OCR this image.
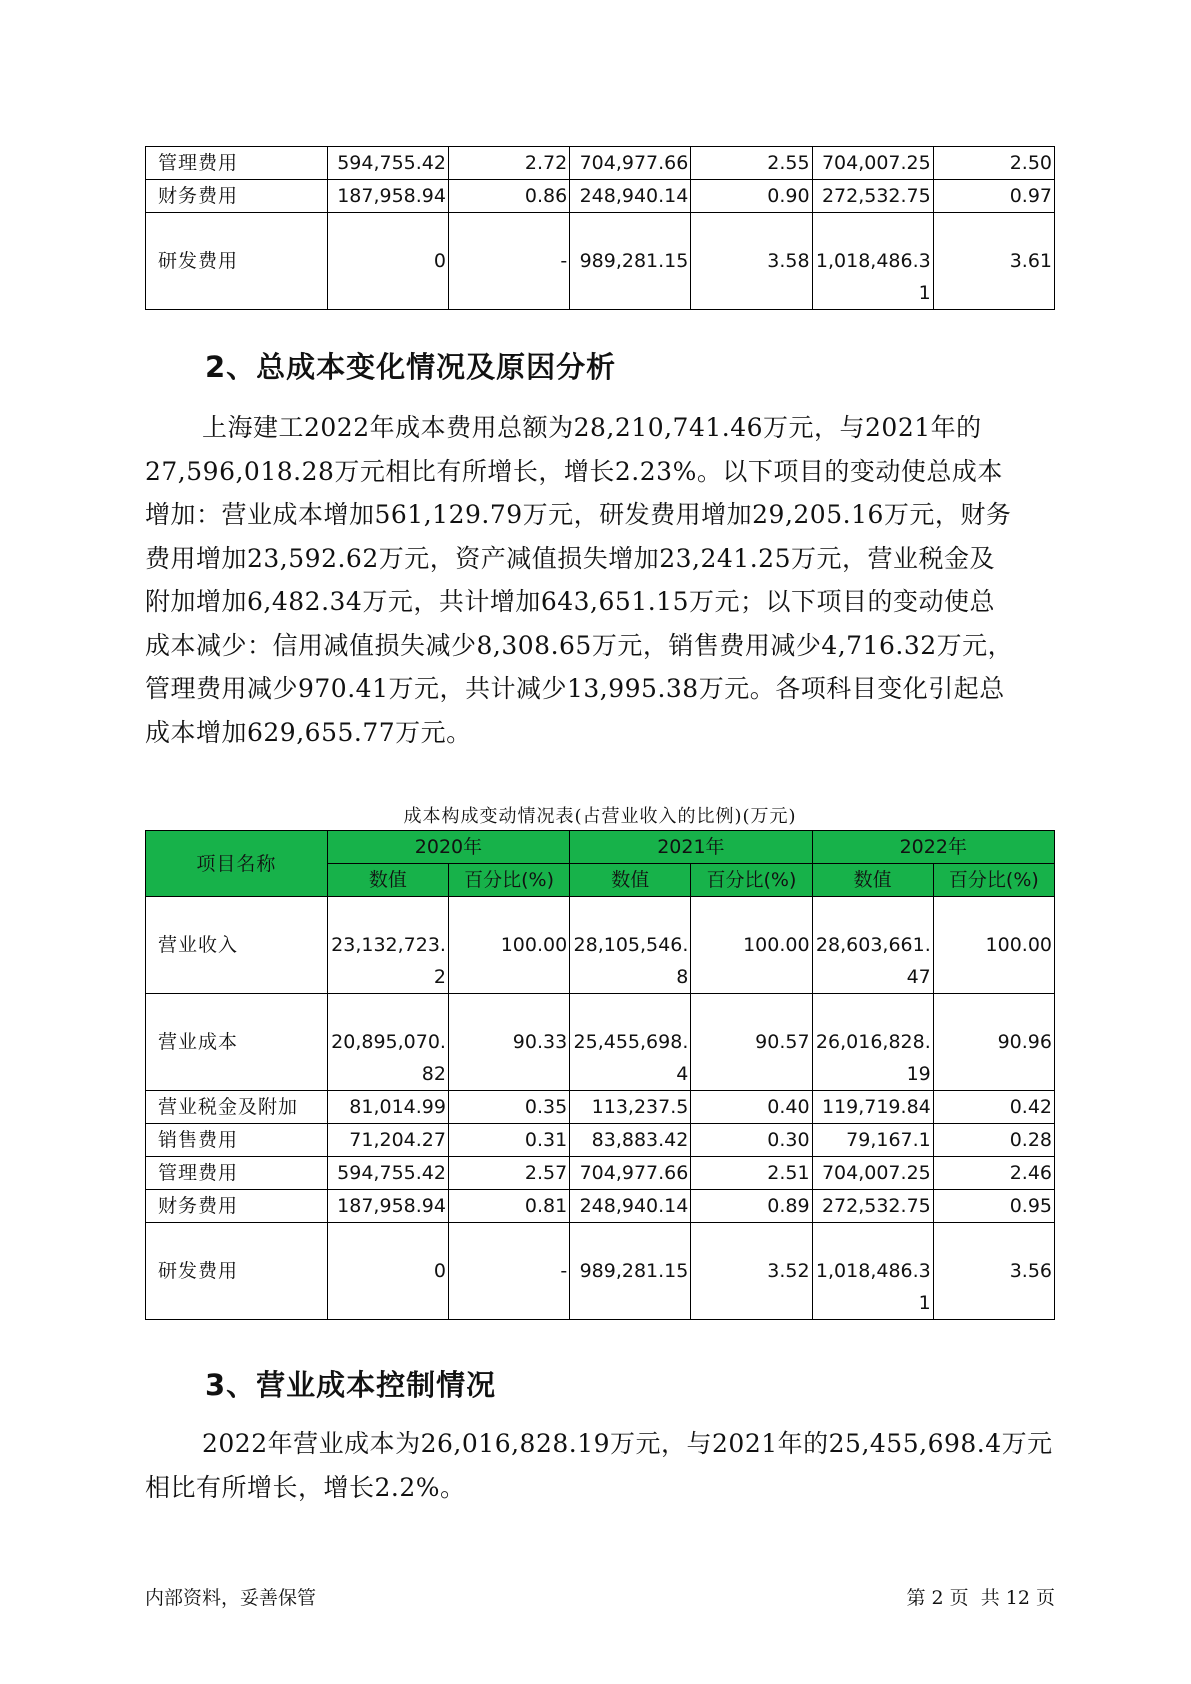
管理费用	594,755.42	2.72	704,977.66	2.55	704,007.25	2.50
财务费用	187,958.94	0.86	248,940.14	0.90	272,532.75	0.97
研发费用	0	-	989,281.15	3.58	1,018,486.31	3.61
2、总成本变化情况及原因分析
上海建工2022年成本费用总额为28,210,741.46万元，与2021年的
27,596,018.28万元相比有所增长，增长2.23%。以下项目的变动使总成本
增加：营业成本增加561,129.79万元，研发费用增加29,205.16万元，财务
费用增加23,592.62万元，资产减值损失增加23,241.25万元，营业税金及
附加增加6,482.34万元，共计增加643,651.15万元；以下项目的变动使总
成本减少：信用减值损失减少8,308.65万元，销售费用减少4,716.32万元，
管理费用减少970.41万元，共计减少13,995.38万元。各项科目变化引起总
成本增加629,655.77万元。
成本构成变动情况表(占营业收入的比例)(万元)
项目名称	2020年		2021年		2022年	
	数值	百分比(%)	数值	百分比(%)	数值	百分比(%)
营业收入	23,132,723.2	100.00	28,105,546.8	100.00	28,603,661.47	100.00
营业成本	20,895,070.82	90.33	25,455,698.4	90.57	26,016,828.19	90.96
营业税金及附加	81,014.99	0.35	113,237.5	0.40	119,719.84	0.42
销售费用	71,204.27	0.31	83,883.42	0.30	79,167.1	0.28
管理费用	594,755.42	2.57	704,977.66	2.51	704,007.25	2.46
财务费用	187,958.94	0.81	248,940.14	0.89	272,532.75	0.95
研发费用	0	-	989,281.15	3.52	1,018,486.31	3.56
3、营业成本控制情况
2022年营业成本为26,016,828.19万元，与2021年的25,455,698.4万元
相比有所增长，增长2.2%。
内部资料，妥善保管	第 2 页  共 12 页
